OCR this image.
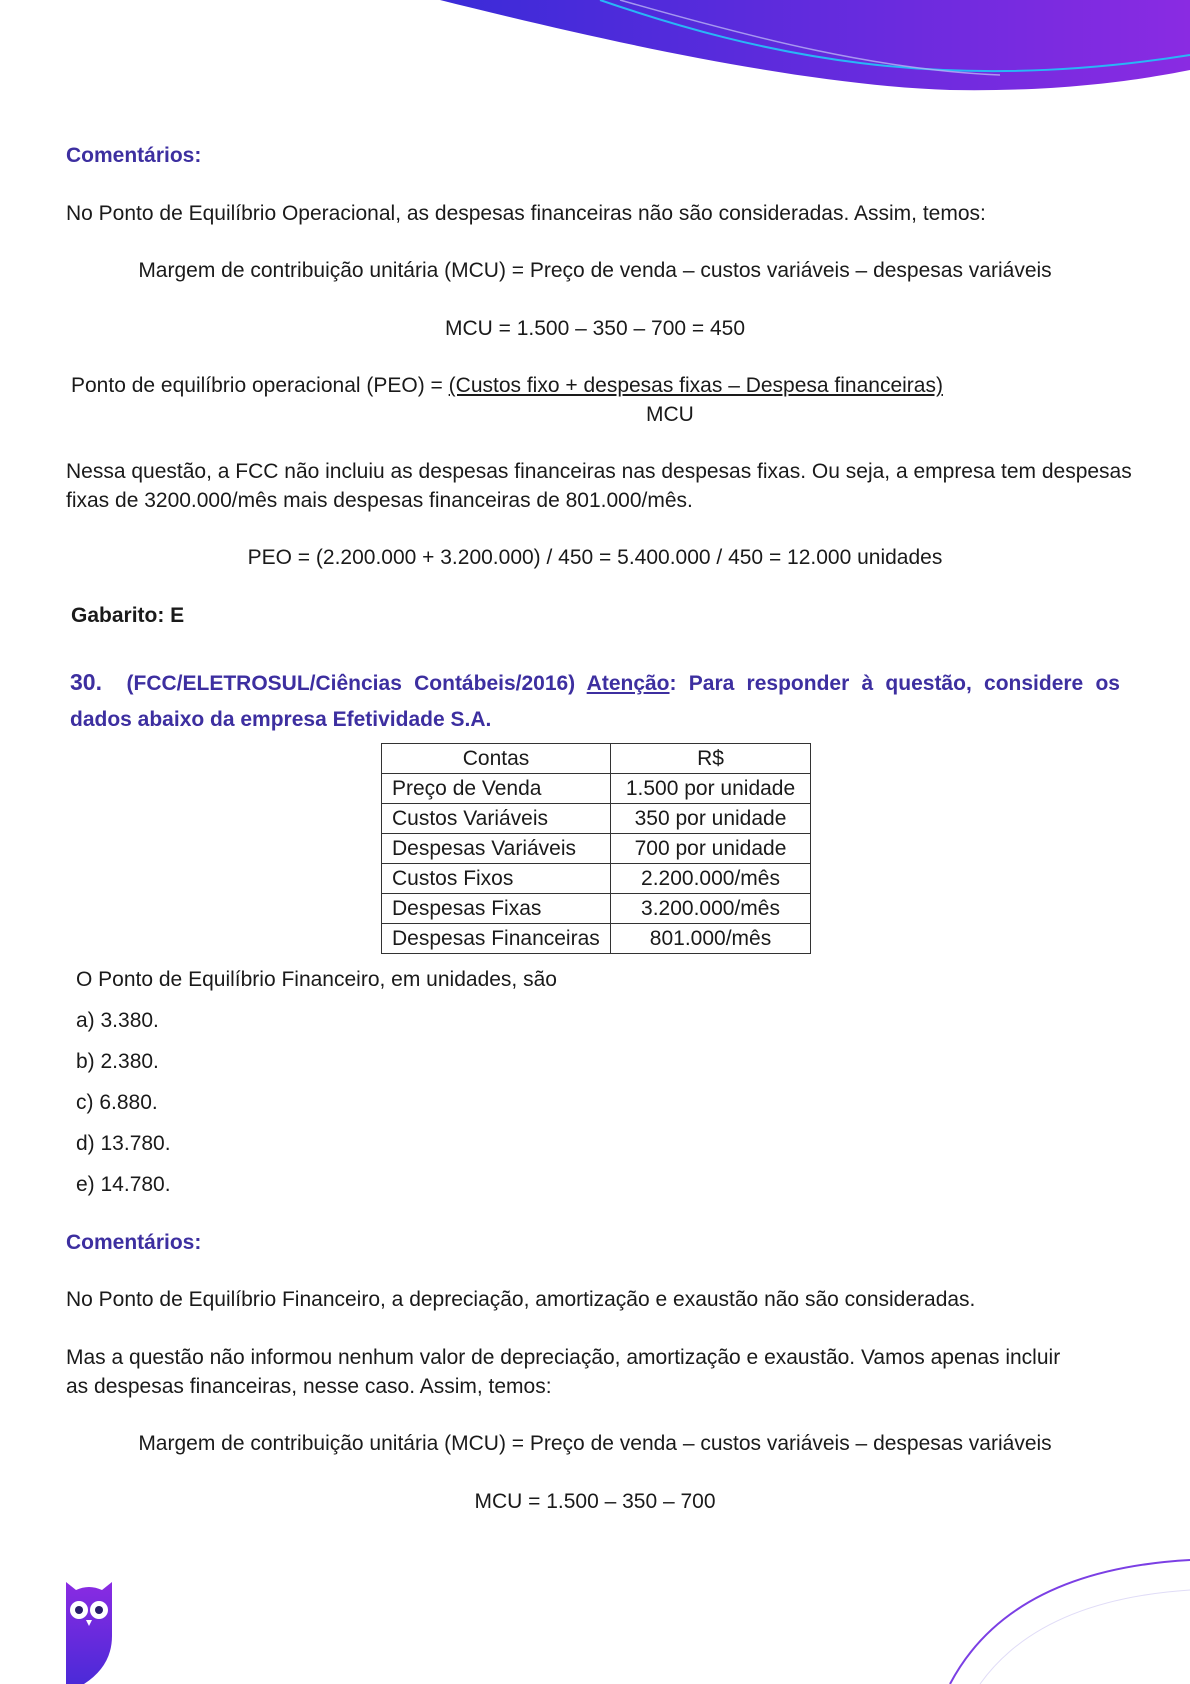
Comentários:
No Ponto de Equilíbrio Operacional, as despesas financeiras não são consideradas. Assim, temos:
Margem de contribuição unitária (MCU) = Preço de venda – custos variáveis – despesas variáveis
MCU = 1.500 – 350 – 700 = 450
Ponto de equilíbrio operacional (PEO) = (Custos fixo + despesas fixas – Despesa financeiras)
MCU
Nessa questão, a FCC não incluiu as despesas financeiras nas despesas fixas. Ou seja, a empresa tem despesas
fixas de 3200.000/mês mais despesas financeiras de 801.000/mês.
PEO = (2.200.000 + 3.200.000) / 450 = 5.400.000 / 450 = 12.000 unidades
Gabarito: E
30. (FCC/ELETROSUL/Ciências Contábeis/2016) Atenção: Para responder à questão, considere os dados abaixo da empresa Efetividade S.A.
Contas	R$
Preço de Venda	1.500 por unidade
Custos Variáveis	350 por unidade
Despesas Variáveis	700 por unidade
Custos Fixos	2.200.000/mês
Despesas Fixas	3.200.000/mês
Despesas Financeiras	801.000/mês
O Ponto de Equilíbrio Financeiro, em unidades, são
a) 3.380.
b) 2.380.
c) 6.880.
d) 13.780.
e) 14.780.
Comentários:
No Ponto de Equilíbrio Financeiro, a depreciação, amortização e exaustão não são consideradas.
Mas a questão não informou nenhum valor de depreciação, amortização e exaustão. Vamos apenas incluir
as despesas financeiras, nesse caso. Assim, temos:
Margem de contribuição unitária (MCU) = Preço de venda – custos variáveis – despesas variáveis
MCU = 1.500 – 350 – 700
